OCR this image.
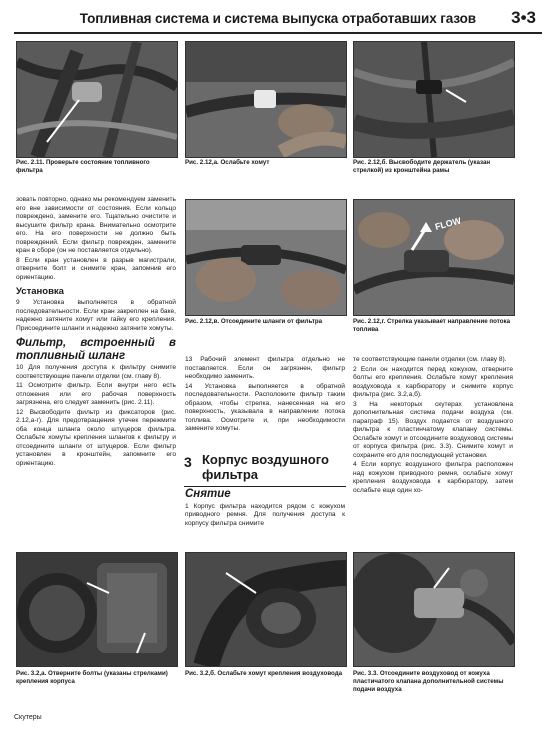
Топливная система и система выпуска отработавших газов 3•3
Рис. 2.11. Проверьте состояние топливного фильтра
Рис. 2.12,а. Ослабьте хомут	Рис. 2.12,б. Высвободите держатель (указан стрелкой) из кронштейна рамы

зовать повторно, однако мы рекомендуем заменить его вне зависимости от состояния. Если кольцо повреждено, замените его. Тщательно очистите и высушите фильтр крана. Внимательно осмотрите его. На его поверхности не должно быть повреждений. Если фильтр поврежден, замените кран в сборе (он не поставляется отдельно).

8 Если кран установлен в разрыв магистрали, отверните болт и снимите кран, запомнив его ориентацию.

Установка

9 Установка выполняется в обратной последовательности. Если кран закреплен на баке, надежно затяните хомут или гайку его крепления. Присоедините шланги и надежно затяните хомуты.

Фильтр, встроенный в топливный шланг

10 Для получения доступа к фильтру снимите соответствующие панели отделки (см. главу 8).

11 Осмотрите фильтр. Если внутри него есть отложения или его рабочая поверхность загрязнена, его следует заменить (рис. 2.11).

12 Высвободите фильтр из фиксаторов (рис. 2.12,а-г). Для предотвращения утечек пережмите оба конца шланга около штуцеров фильтра. Ослабьте хомуты крепления шлангов к фильтру и отсоедините шланги от штуцеров. Если фильтр установлен в кронштейн, запомните его ориентацию.

Рис. 2.12,в. Отсоедините шланги от фильтра
FLOW
Рис. 2.12,г. Стрелка указывает направление потока топлива

13 Рабочий элемент фильтра отдельно не поставляется. Если он загрязнен, фильтр необходимо заменить.

14 Установка выполняется в обратной последовательности. Расположите фильтр таким образом, чтобы стрелка, нанесенная на его поверхность, указывала в направлении потока топлива. Осмотрите и, при необходимости замените хомуты.

3 Корпус воздушного фильтра
Снятие

1 Корпус фильтра находится рядом с кожухом приводного ремня. Для получения доступа к корпусу фильтра снимите

те соответствующие панели отделки (см. главу 8).

2 Если он находится перед кожухом, отверните болты его крепления. Ослабьте хомут крепления воздуховода к карбюратору и снимите корпус фильтра (рис. 3.2,а,б).

3 На некоторых скутерах установлена дополнительная система подачи воздуха (см. параграф 15). Воздух подается от воздушного фильтра к пластинчатому клапану системы. Ослабьте хомут и отсоедините воздуховод системы от корпуса фильтра (рис. 3.3). Снимите хомут и сохраните его для последующей установки.

4 Если корпус воздушного фильтра расположен над кожухом приводного ремня, ослабьте хомут крепления воздуховода к карбюратору, затем ослабьте еще один хо-

Рис. 3.2,а. Отверните болты (указаны стрелками) крепления корпуса
Рис. 3.2,б. Ослабьте хомут крепления воздуховода	Рис. 3.3. Отсоедините воздуховод от кожуха пластичатого клапана дополнительной системы подачи воздуха
Скутеры
